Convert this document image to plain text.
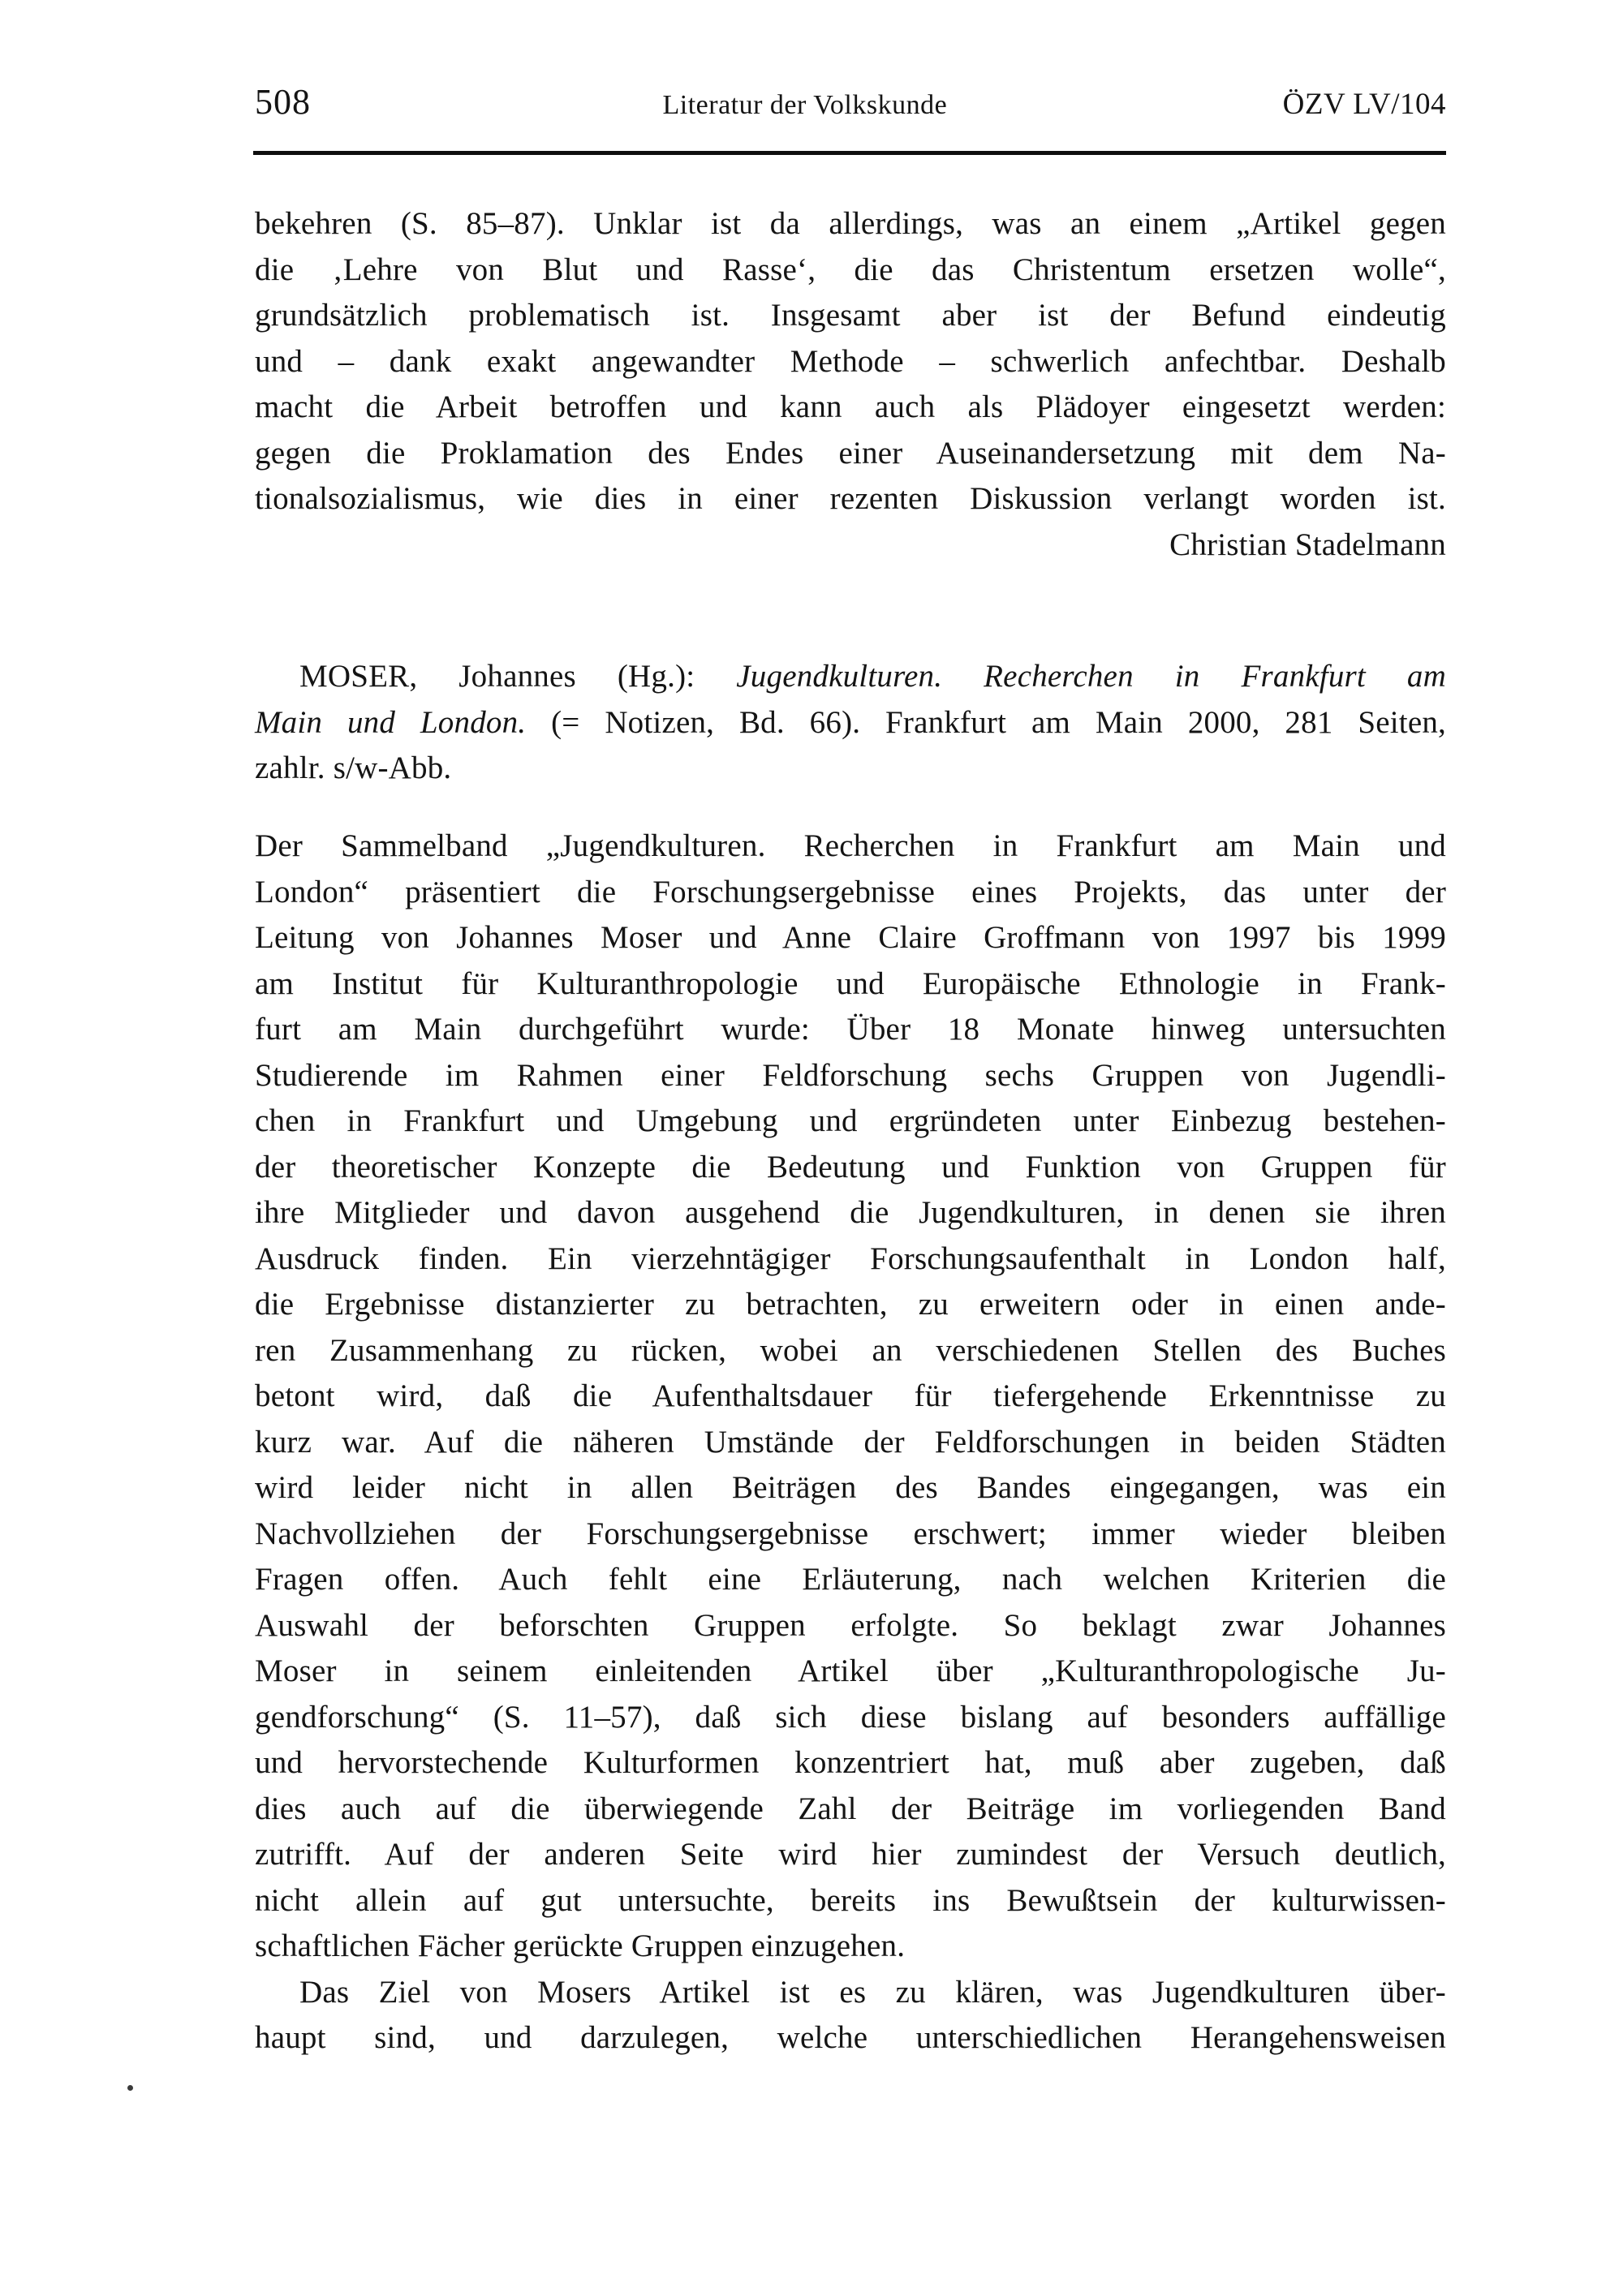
508	Literatur der Volkskunde	ÖZV LV/104
bekehren (S. 85–87). Unklar ist da allerdings, was an einem „Artikel gegen
die ‚Lehre von Blut und Rasse‘, die das Christentum ersetzen wolle“,
grundsätzlich problematisch ist. Insgesamt aber ist der Befund eindeutig
und – dank exakt angewandter Methode – schwerlich anfechtbar. Deshalb
macht die Arbeit betroffen und kann auch als Plädoyer eingesetzt werden:
gegen die Proklamation des Endes einer Auseinandersetzung mit dem Na-
tionalsozialismus, wie dies in einer rezenten Diskussion verlangt worden ist.
Christian Stadelmann
MOSER, Johannes (Hg.): Jugendkulturen. Recherchen in Frankfurt am
Main und London. (= Notizen, Bd. 66). Frankfurt am Main 2000, 281 Seiten,
zahlr. s/w-Abb.
Der Sammelband „Jugendkulturen. Recherchen in Frankfurt am Main und
London“ präsentiert die Forschungsergebnisse eines Projekts, das unter der
Leitung von Johannes Moser und Anne Claire Groffmann von 1997 bis 1999
am Institut für Kulturanthropologie und Europäische Ethnologie in Frank-
furt am Main durchgeführt wurde: Über 18 Monate hinweg untersuchten
Studierende im Rahmen einer Feldforschung sechs Gruppen von Jugendli-
chen in Frankfurt und Umgebung und ergründeten unter Einbezug bestehen-
der theoretischer Konzepte die Bedeutung und Funktion von Gruppen für
ihre Mitglieder und davon ausgehend die Jugendkulturen, in denen sie ihren
Ausdruck finden. Ein vierzehntägiger Forschungsaufenthalt in London half,
die Ergebnisse distanzierter zu betrachten, zu erweitern oder in einen ande-
ren Zusammenhang zu rücken, wobei an verschiedenen Stellen des Buches
betont wird, daß die Aufenthaltsdauer für tiefergehende Erkenntnisse zu
kurz war. Auf die näheren Umstände der Feldforschungen in beiden Städten
wird leider nicht in allen Beiträgen des Bandes eingegangen, was ein
Nachvollziehen der Forschungsergebnisse erschwert; immer wieder bleiben
Fragen offen. Auch fehlt eine Erläuterung, nach welchen Kriterien die
Auswahl der beforschten Gruppen erfolgte. So beklagt zwar Johannes
Moser in seinem einleitenden Artikel über „Kulturanthropologische Ju-
gendforschung“ (S. 11–57), daß sich diese bislang auf besonders auffällige
und hervorstechende Kulturformen konzentriert hat, muß aber zugeben, daß
dies auch auf die überwiegende Zahl der Beiträge im vorliegenden Band
zutrifft. Auf der anderen Seite wird hier zumindest der Versuch deutlich,
nicht allein auf gut untersuchte, bereits ins Bewußtsein der kulturwissen-
schaftlichen Fächer gerückte Gruppen einzugehen.
Das Ziel von Mosers Artikel ist es zu klären, was Jugendkulturen über-
haupt sind, und darzulegen, welche unterschiedlichen Herangehensweisen
